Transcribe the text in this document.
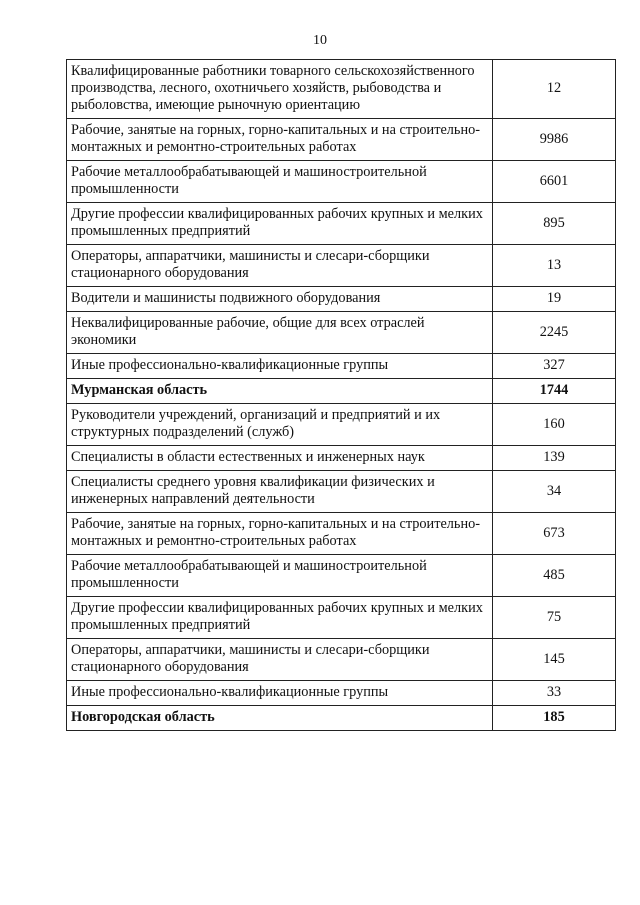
10
Квалифицированные работники товарного сельскохозяйственного производства, лесного, охотничьего хозяйств, рыбоводства и рыболовства, имеющие рыночную ориентацию	12
Рабочие, занятые на горных, горно-капитальных и на строительно-монтажных и ремонтно-строительных работах	9986
Рабочие металлообрабатывающей и машиностроительной промышленности	6601
Другие профессии квалифицированных рабочих крупных и мелких промышленных предприятий	895
Операторы, аппаратчики, машинисты и слесари-сборщики стационарного оборудования	13
Водители и машинисты подвижного оборудования	19
Неквалифицированные рабочие, общие для всех отраслей экономики	2245
Иные профессионально-квалификационные группы	327
Мурманская область	1744
Руководители учреждений, организаций и предприятий и их структурных подразделений (служб)	160
Специалисты в области естественных и инженерных наук	139
Специалисты среднего уровня квалификации физических и инженерных направлений деятельности	34
Рабочие, занятые на горных, горно-капитальных и на строительно-монтажных и ремонтно-строительных работах	673
Рабочие металлообрабатывающей и машиностроительной промышленности	485
Другие профессии квалифицированных рабочих крупных и мелких промышленных предприятий	75
Операторы, аппаратчики, машинисты и слесари-сборщики стационарного оборудования	145
Иные профессионально-квалификационные группы	33
Новгородская область	185
